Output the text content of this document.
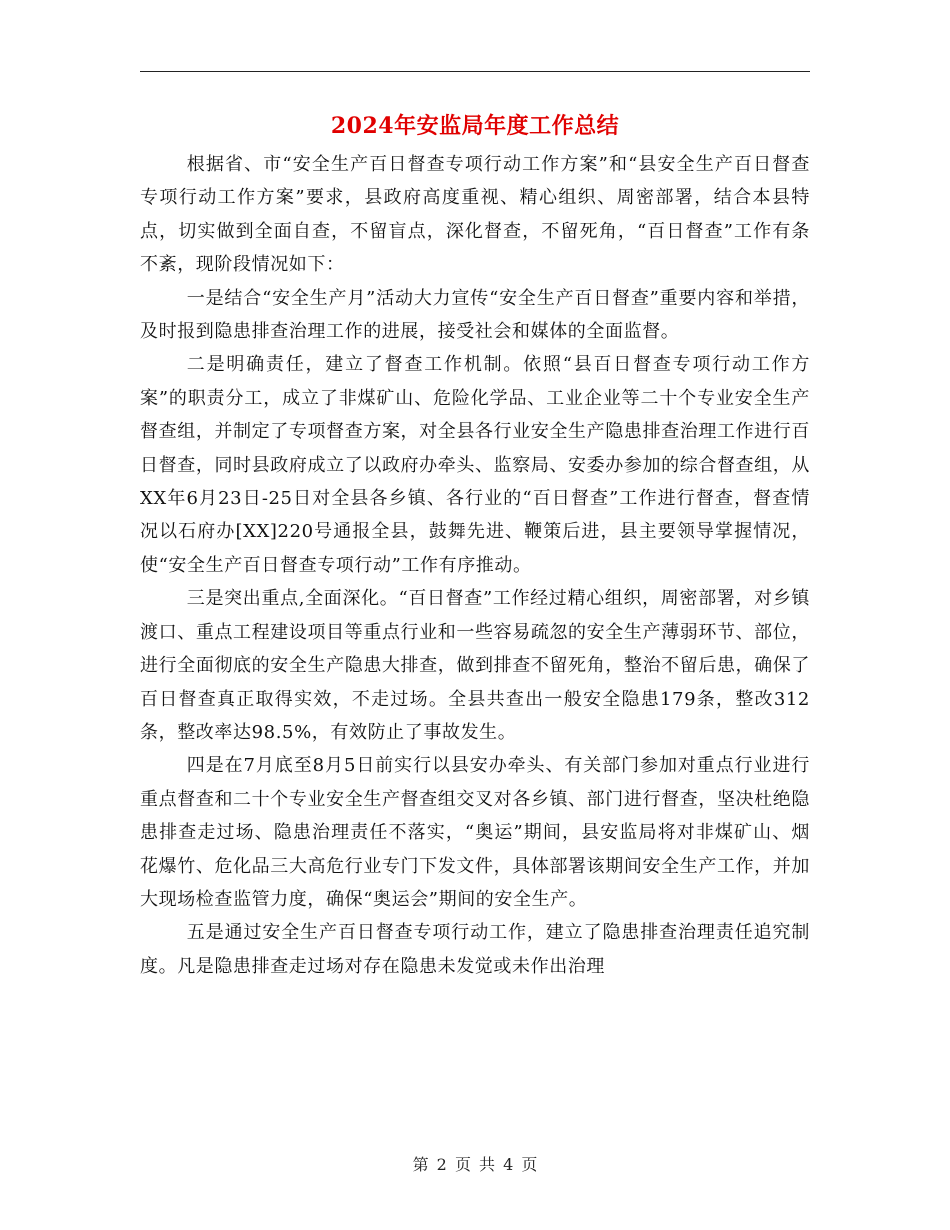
2024年安监局年度工作总结

根据省、市“安全生产百日督查专项行动工作方案”和“县安全生产百日督查专项行动工作方案”要求，县政府高度重视、精心组织、周密部署，结合本县特点，切实做到全面自查，不留盲点，深化督查，不留死角，“百日督查”工作有条不紊，现阶段情况如下：

一是结合“安全生产月”活动大力宣传“安全生产百日督查”重要内容和举措，及时报到隐患排查治理工作的进展，接受社会和媒体的全面监督。

二是明确责任，建立了督查工作机制。依照“县百日督查专项行动工作方案”的职责分工，成立了非煤矿山、危险化学品、工业企业等二十个专业安全生产督查组，并制定了专项督查方案，对全县各行业安全生产隐患排查治理工作进行百日督查，同时县政府成立了以政府办牵头、监察局、安委办参加的综合督查组，从XX年6月23日-25日对全县各乡镇、各行业的“百日督查”工作进行督查，督查情况以石府办[XX]220号通报全县，鼓舞先进、鞭策后进，县主要领导掌握情况，使“安全生产百日督查专项行动”工作有序推动。

三是突出重点,全面深化。“百日督查”工作经过精心组织，周密部署，对乡镇渡口、重点工程建设项目等重点行业和一些容易疏忽的安全生产薄弱环节、部位，进行全面彻底的安全生产隐患大排查，做到排查不留死角，整治不留后患，确保了百日督查真正取得实效，不走过场。全县共查出一般安全隐患179条，整改312条，整改率达98.5%，有效防止了事故发生。

四是在7月底至8月5日前实行以县安办牵头、有关部门参加对重点行业进行重点督查和二十个专业安全生产督查组交叉对各乡镇、部门进行督查，坚决杜绝隐患排查走过场、隐患治理责任不落实，“奥运”期间，县安监局将对非煤矿山、烟花爆竹、危化品三大高危行业专门下发文件，具体部署该期间安全生产工作，并加大现场检查监管力度，确保“奥运会”期间的安全生产。

五是通过安全生产百日督查专项行动工作，建立了隐患排查治理责任追究制度。凡是隐患排查走过场对存在隐患未发觉或未作出治理

第 2 页 共 4 页
